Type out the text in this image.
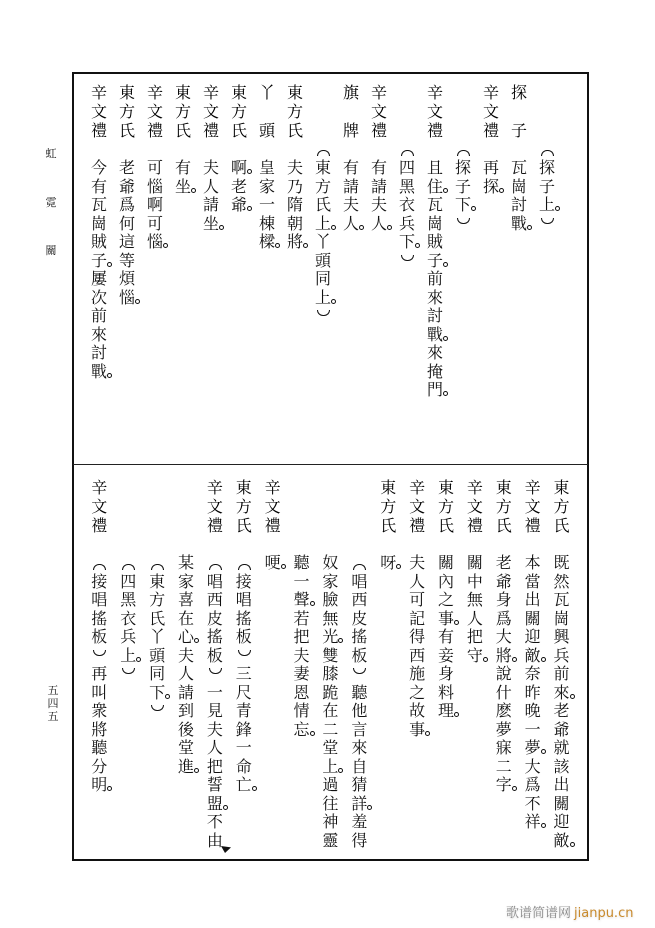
虹
霓
關
五
四
五
探
子
上
探
子
瓦
崗
討
戰
辛
文
禮
再
探
探
子
下
辛
文
禮
且
住
瓦
崗
賊
子
前
來
討
戰
來
掩
門
四
黑
衣
兵
下
辛
文
禮
有
請
夫
人
旗
牌
有
請
夫
人
東
方
氏
上
丫
頭
同
上
東
方
氏
夫
乃
隋
朝
將
丫
頭
皇
家
一
棟
樑
東
方
氏
啊
老
爺
辛
文
禮
夫
人
請
坐
東
方
氏
有
坐
辛
文
禮
可
惱
啊
可
惱
東
方
氏
老
爺
爲
何
這
等
煩
惱
辛
文
禮
今
有
瓦
崗
賊
子
屢
次
前
來
討
戰
東
方
氏
既
然
瓦
崗
興
兵
前
來
老
爺
就
該
出
關
迎
敵
辛
文
禮
本
當
出
關
迎
敵
奈
昨
晚
一
夢
大
爲
不
祥
東
方
氏
老
爺
身
爲
大
將
說
什
麽
夢
寐
二
字
辛
文
禮
關
中
無
人
把
守
東
方
氏
關
內
之
事
有
妾
身
料
理
辛
文
禮
夫
人
可
記
得
西
施
之
故
事
東
方
氏
呀
唱
西
皮
搖
板
聽
他
言
來
自
猜
詳
羞
得
奴
家
臉
無
光
雙
膝
跪
在
二
堂
上
過
往
神
靈
聽
一
聲
若
把
夫
妻
恩
情
忘
辛
文
禮
哽
東
方
氏
接
唱
搖
板
三
尺
青
鋒
一
命
亡
辛
文
禮
唱
西
皮
搖
板
一
見
夫
人
把
誓
盟
不
由
某
家
喜
在
心
夫
人
請
到
後
堂
進
東
方
氏
丫
頭
同
下
四
黑
衣
兵
上
辛
文
禮
接
唱
搖
板
再
叫
衆
將
聽
分
明
歌谱简谱网 jianpu.cn
